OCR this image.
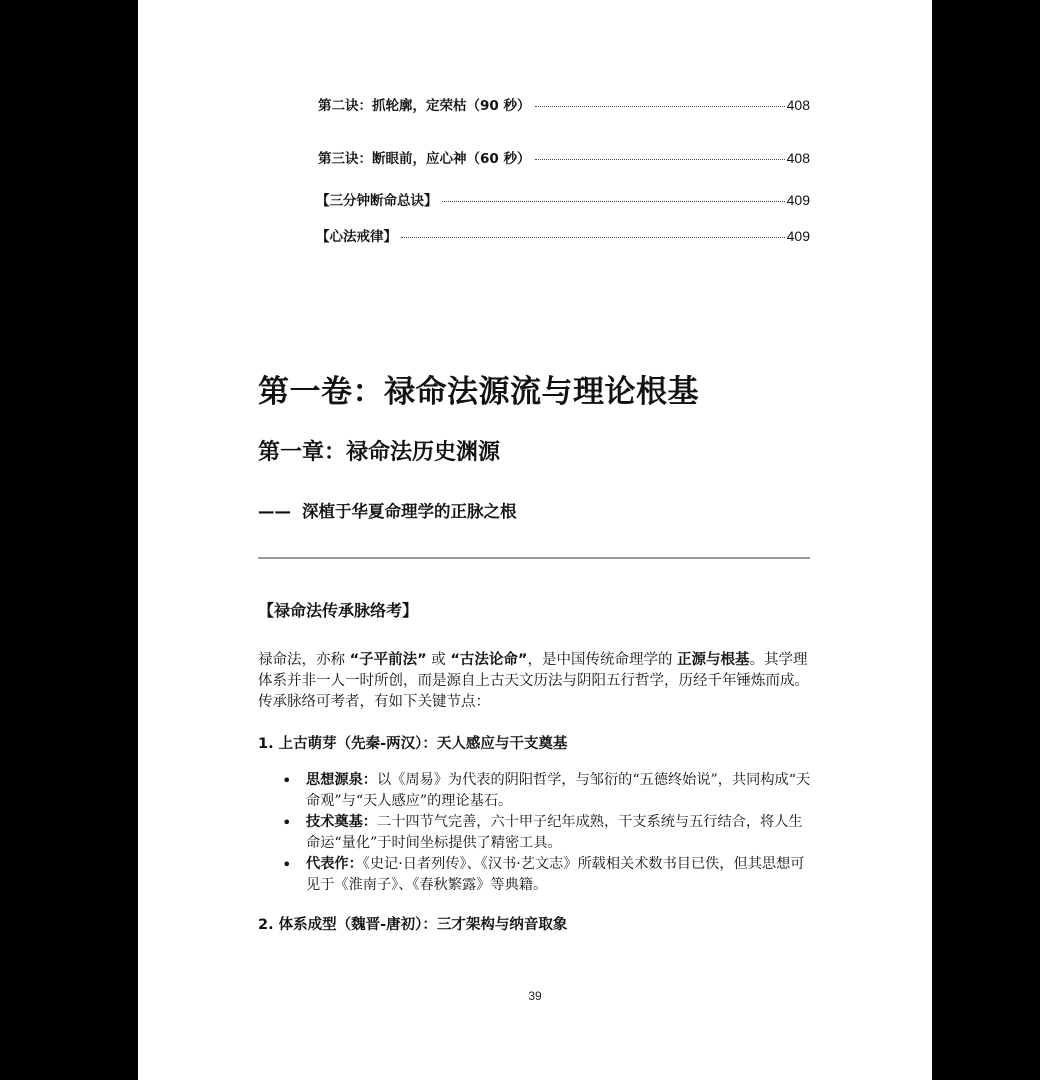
第二诀：抓轮廓，定荣枯（90 秒）	408
第三诀：断眼前，应心神（60 秒）	408
【三分钟断命总诀】	409
【心法戒律】	409
第一卷：禄命法源流与理论根基
第一章：禄命法历史渊源
—— 深植于华夏命理学的正脉之根
【禄命法传承脉络考】
禄命法，亦称 “子平前法” 或 “古法论命”，是中国传统命理学的 正源与根基。其学理体系并非一人一时所创，而是源自上古天文历法与阴阳五行哲学，历经千年锤炼而成。传承脉络可考者，有如下关键节点：
1. 上古萌芽（先秦-两汉）：天人感应与干支奠基
• 思想源泉：以《周易》为代表的阴阳哲学，与邹衍的“五德终始说”，共同构成“天命观”与“天人感应”的理论基石。
• 技术奠基：二十四节气完善，六十甲子纪年成熟，干支系统与五行结合，将人生命运“量化”于时间坐标提供了精密工具。
• 代表作：《史记·日者列传》、《汉书·艺文志》所载相关术数书目已佚，但其思想可见于《淮南子》、《春秋繁露》等典籍。
2. 体系成型（魏晋-唐初）：三才架构与纳音取象
39
